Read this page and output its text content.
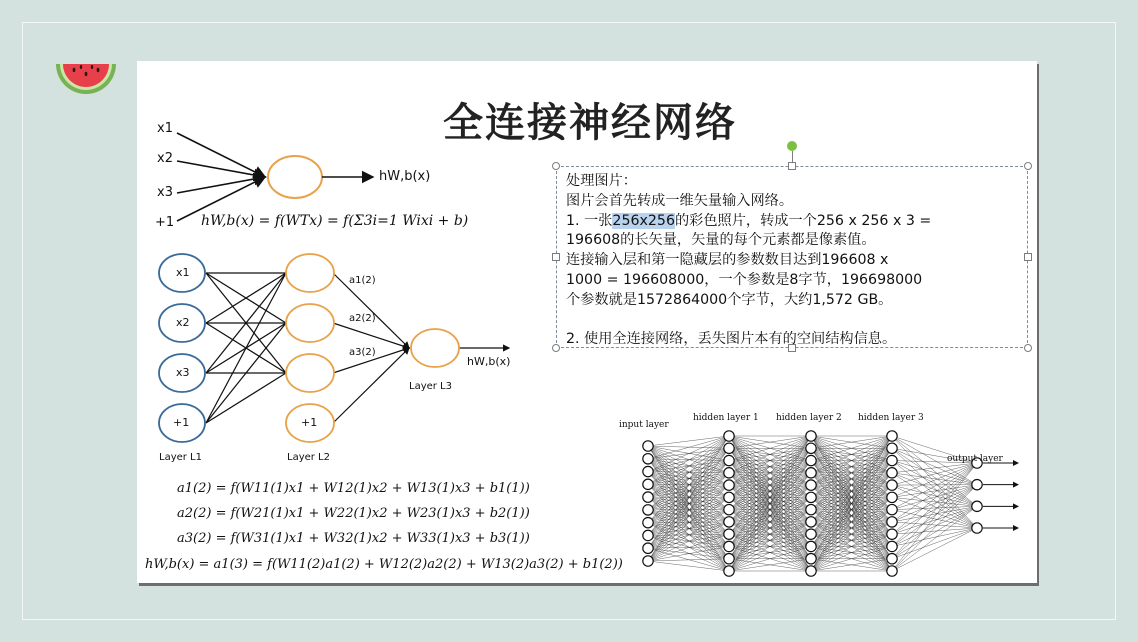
全连接神经网络
x1
x2
x3
+1
hW,b(x)
hW,b(x) = f(WTx) = f(Σ3i=1 Wixi + b)
x1
x2
x3
+1	+1
a1(2)
a2(2)
a3(2)
hW,b(x)
Layer L1	Layer L2
Layer L3
a1(2) = f(W11(1)x1 + W12(1)x2 + W13(1)x3 + b1(1))
a2(2) = f(W21(1)x1 + W22(1)x2 + W23(1)x3 + b2(1))
a3(2) = f(W31(1)x1 + W32(1)x2 + W33(1)x3 + b3(1))
hW,b(x) = a1(3) = f(W11(2)a1(2) + W12(2)a2(2) + W13(2)a3(2) + b1(2))
处理图片：
图片会首先转成一维矢量输入网络。
1. 一张256x256的彩色照片，转成一个256 x 256 x 3 =
196608的长矢量，矢量的每个元素都是像素值。
连接输入层和第一隐藏层的参数数目达到196608 x
1000 = 196608000，一个参数是8字节，196698000
个参数就是1572864000个字节，大约1,572 GB。
2. 使用全连接网络，丢失图片本有的空间结构信息。
input layer
hidden layer 1 hidden layer 2 hidden layer 3
output layer
